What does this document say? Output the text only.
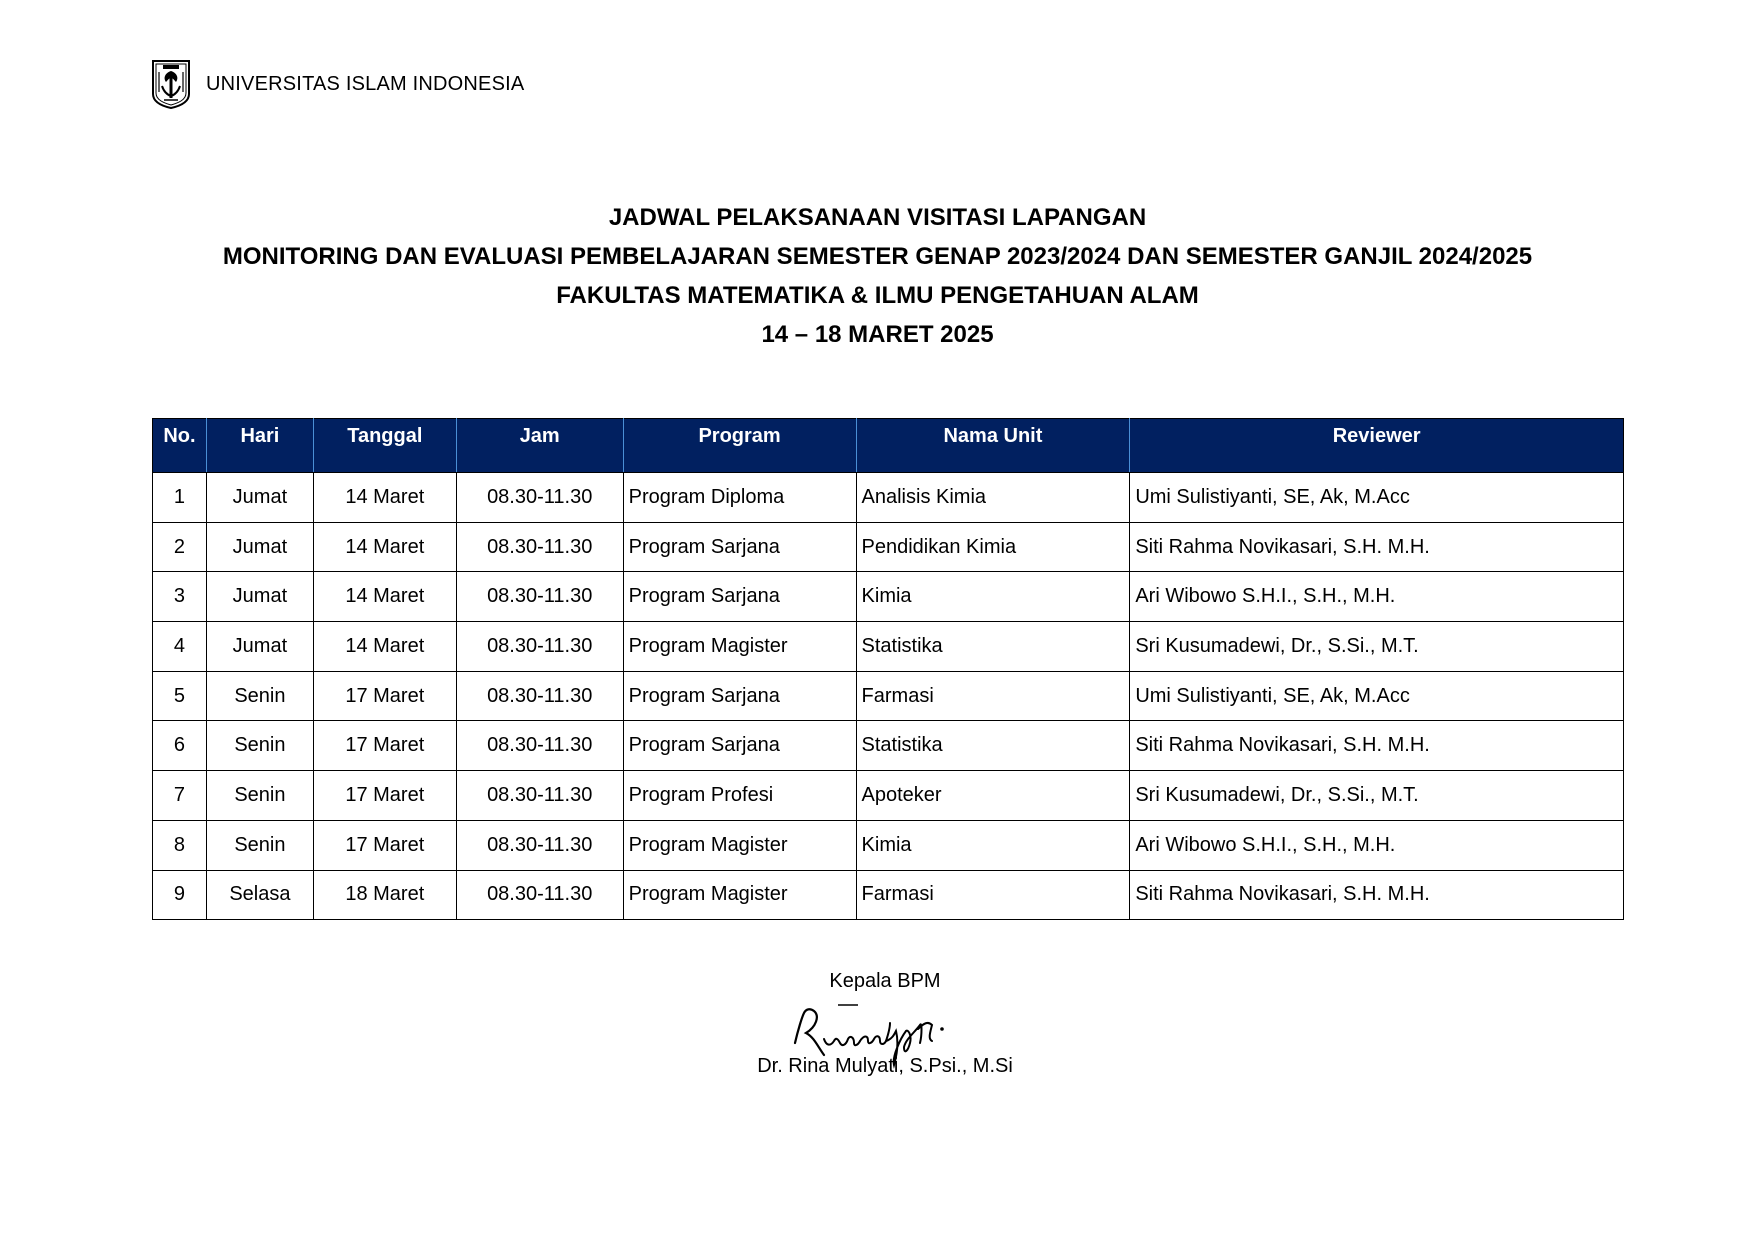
UNIVERSITAS ISLAM INDONESIA
JADWAL PELAKSANAAN VISITASI LAPANGAN
MONITORING DAN EVALUASI PEMBELAJARAN SEMESTER GENAP 2023/2024 DAN SEMESTER GANJIL 2024/2025
FAKULTAS MATEMATIKA & ILMU PENGETAHUAN ALAM
14 – 18 MARET 2025
No.	Hari	Tanggal	Jam	Program	Nama Unit	Reviewer
1	Jumat	14 Maret	08.30-11.30	Program Diploma	Analisis Kimia	Umi Sulistiyanti, SE, Ak, M.Acc
2	Jumat	14 Maret	08.30-11.30	Program Sarjana	Pendidikan Kimia	Siti Rahma Novikasari, S.H. M.H.
3	Jumat	14 Maret	08.30-11.30	Program Sarjana	Kimia	Ari Wibowo S.H.I., S.H., M.H.
4	Jumat	14 Maret	08.30-11.30	Program Magister	Statistika	Sri Kusumadewi, Dr., S.Si., M.T.
5	Senin	17 Maret	08.30-11.30	Program Sarjana	Farmasi	Umi Sulistiyanti, SE, Ak, M.Acc
6	Senin	17 Maret	08.30-11.30	Program Sarjana	Statistika	Siti Rahma Novikasari, S.H. M.H.
7	Senin	17 Maret	08.30-11.30	Program Profesi	Apoteker	Sri Kusumadewi, Dr., S.Si., M.T.
8	Senin	17 Maret	08.30-11.30	Program Magister	Kimia	Ari Wibowo S.H.I., S.H., M.H.
9	Selasa	18 Maret	08.30-11.30	Program Magister	Farmasi	Siti Rahma Novikasari, S.H. M.H.
Kepala BPM
Dr. Rina Mulyati, S.Psi., M.Si
